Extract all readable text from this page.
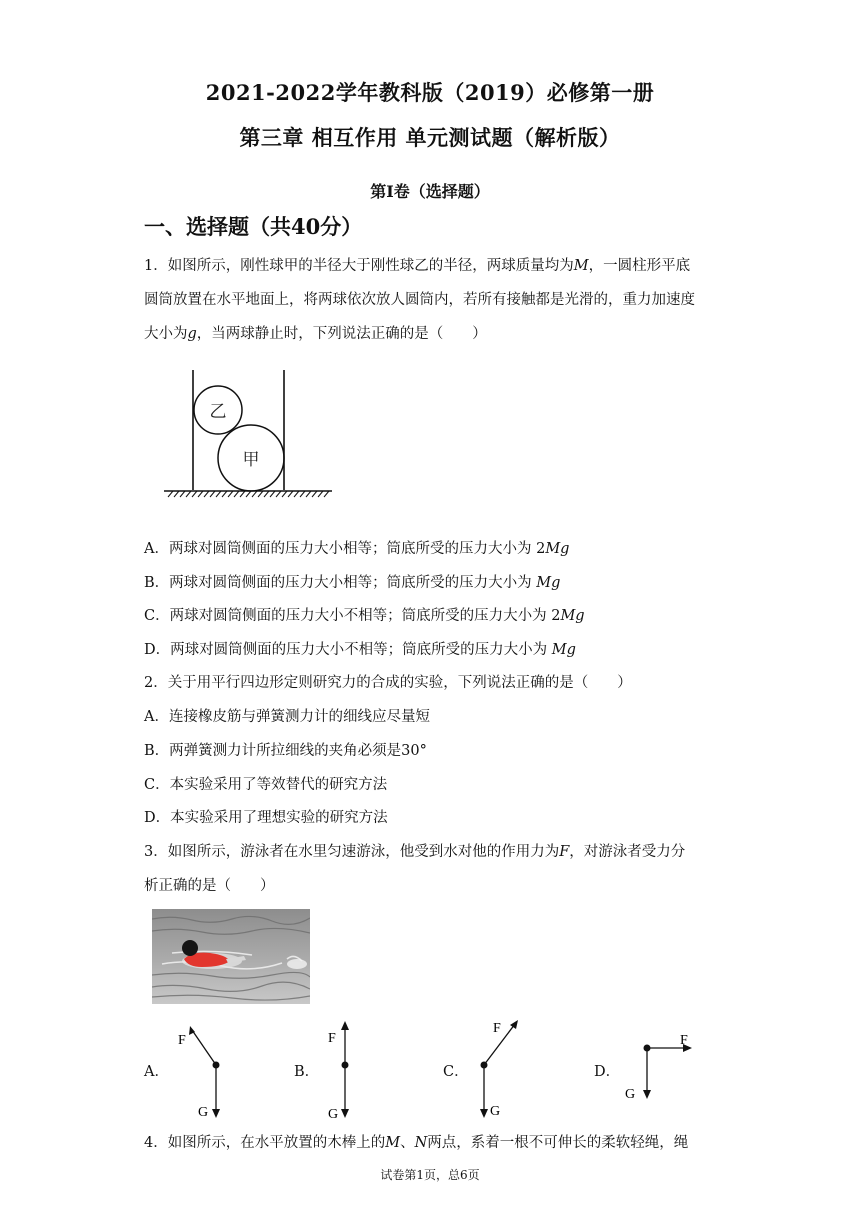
2021-2022学年教科版（2019）必修第一册
第三章 相互作用 单元测试题（解析版）
第Ⅰ卷（选择题）
一、选择题（共40分）
1．如图所示，刚性球甲的半径大于刚性球乙的半径，两球质量均为M，一圆柱形平底
圆筒放置在水平地面上，将两球依次放人圆筒内，若所有接触都是光滑的，重力加速度
大小为g，当两球静止时，下列说法正确的是（　　）
乙
甲
A．两球对圆筒侧面的压力大小相等；筒底所受的压力大小为 2Mg
B．两球对圆筒侧面的压力大小相等；筒底所受的压力大小为 Mg
C．两球对圆筒侧面的压力大小不相等；筒底所受的压力大小为 2Mg
D．两球对圆筒侧面的压力大小不相等；筒底所受的压力大小为 Mg
2．关于用平行四边形定则研究力的合成的实验，下列说法正确的是（　　）
A．连接橡皮筋与弹簧测力计的细线应尽量短
B．两弹簧测力计所拉细线的夹角必须是30°
C．本实验采用了等效替代的研究方法
D．本实验采用了理想实验的研究方法
3．如图所示，游泳者在水里匀速游泳，他受到水对他的作用力为F，对游泳者受力分
析正确的是（　　）
A．
F
G
B．
F
G
C．
F
G
D．
F
G
4．如图所示，在水平放置的木棒上的M、N两点，系着一根不可伸长的柔软轻绳，绳
试卷第1页，总6页
